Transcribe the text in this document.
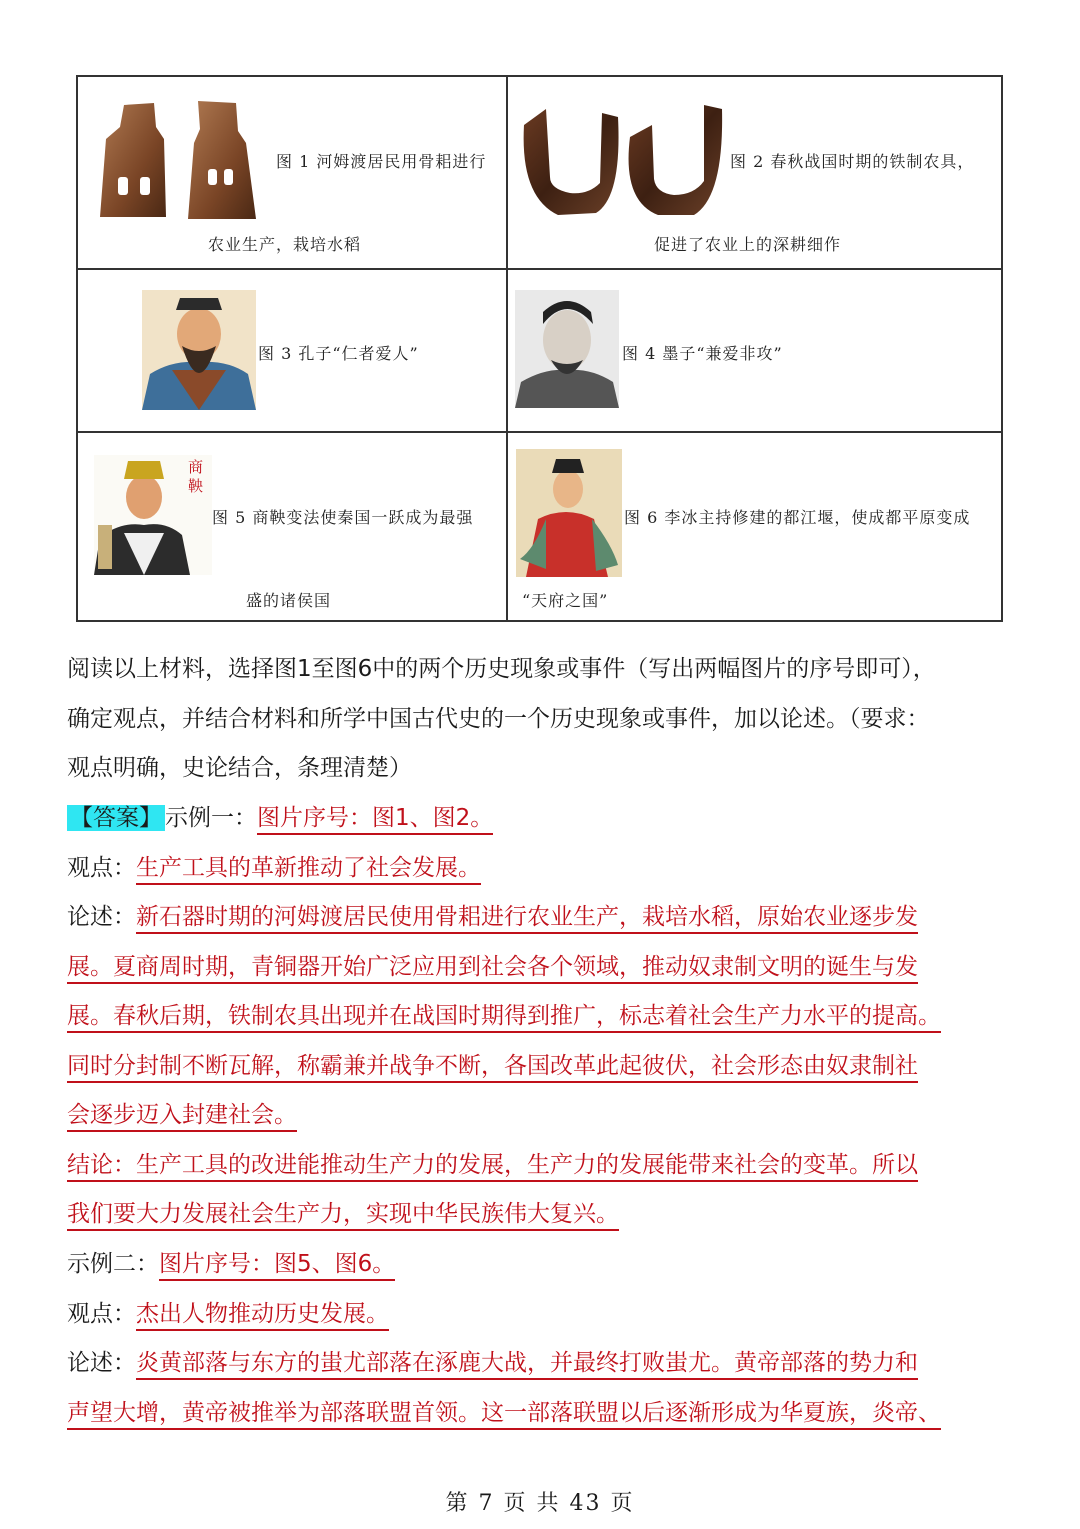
图 1 河姆渡居民用骨耜进行
农业生产，栽培水稻
图 2 春秋战国时期的铁制农具，
促进了农业上的深耕细作
图 3 孔子“仁者爱人”	图 4 墨子“兼爱非攻”
商
鞅
图 5 商鞅变法使秦国一跃成为最强
盛的诸侯国
图 6 李冰主持修建的都江堰，使成都平原变成
“天府之国”
阅读以上材料，选择图1至图6中的两个历史现象或事件（写出两幅图片的序号即可），
确定观点，并结合材料和所学中国古代史的一个历史现象或事件，加以论述。（要求：
观点明确，史论结合，条理清楚）
【答案】 示例一：图片序号：图1、图2。
观点：生产工具的革新推动了社会发展。
论述：新石器时期的河姆渡居民使用骨耜进行农业生产，栽培水稻，原始农业逐步发
展。夏商周时期，青铜器开始广泛应用到社会各个领域，推动奴隶制文明的诞生与发
展。春秋后期，铁制农具出现并在战国时期得到推广，标志着社会生产力水平的提高。
同时分封制不断瓦解，称霸兼并战争不断，各国改革此起彼伏，社会形态由奴隶制社
会逐步迈入封建社会。
结论：生产工具的改进能推动生产力的发展，生产力的发展能带来社会的变革。所以
我们要大力发展社会生产力，实现中华民族伟大复兴。
示例二：图片序号：图5、图6。
观点：杰出人物推动历史发展。
论述：炎黄部落与东方的蚩尤部落在涿鹿大战，并最终打败蚩尤。黄帝部落的势力和
声望大增，黄帝被推举为部落联盟首领。这一部落联盟以后逐渐形成为华夏族，炎帝、
第 7 页 共 43 页
